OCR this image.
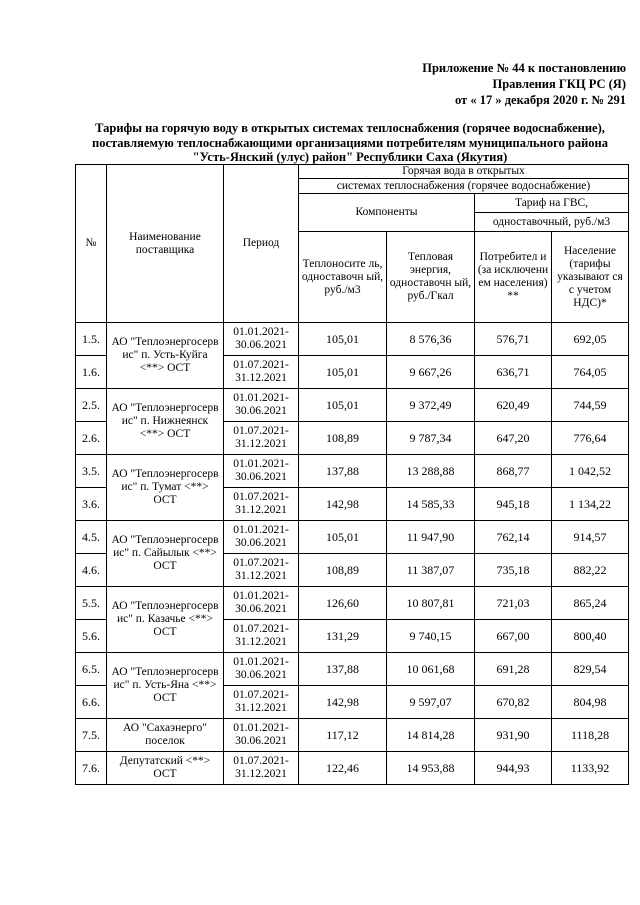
Приложение № 44 к постановлению
Правления ГКЦ РС (Я)
от « 17 » декабря 2020 г. № 291
Тарифы на горячую воду в открытых системах теплоснабжения (горячее водоснабжение),
поставляемую теплоснабжающими организациями потребителям муниципального района
"Усть-Янский (улус) район" Республики Саха (Якутия)
№	Наименование поставщика	Период	Горячая вода в открытых			
			системах теплоснабжения (горячее водоснабжение)			
			Компоненты		Тариф на ГВС,	
					одноставочный, руб./м3	
			Теплоносите ль, одноставочн ый, руб./м3	Тепловая энергия, одноставочн ый, руб./Гкал	Потребител и (за исключени ем населения) **	Население (тарифы указывают ся с учетом НДС)*

1.5.	АО "Теплоэнергосерв ис" п. Усть-Куйга <**> ОСТ	01.01.2021- 30.06.2021	105,01	8 576,36	576,71	692,05
1.6.		01.07.2021- 31.12.2021	105,01	9 667,26	636,71	764,05
2.5.	АО "Теплоэнергосерв ис" п. Нижнеянск <**> ОСТ	01.01.2021- 30.06.2021	105,01	9 372,49	620,49	744,59
2.6.		01.07.2021- 31.12.2021	108,89	9 787,34	647,20	776,64
3.5.	АО "Теплоэнергосерв ис" п. Тумат <**> ОСТ	01.01.2021- 30.06.2021	137,88	13 288,88	868,77	1 042,52
3.6.		01.07.2021- 31.12.2021	142,98	14 585,33	945,18	1 134,22
4.5.	АО "Теплоэнергосерв ис" п. Сайылык <**> ОСТ	01.01.2021- 30.06.2021	105,01	11 947,90	762,14	914,57
4.6.		01.07.2021- 31.12.2021	108,89	11 387,07	735,18	882,22
5.5.	АО "Теплоэнергосерв ис" п. Казачье <**> ОСТ	01.01.2021- 30.06.2021	126,60	10 807,81	721,03	865,24
5.6.		01.07.2021- 31.12.2021	131,29	9 740,15	667,00	800,40
6.5.	АО "Теплоэнергосерв ис" п. Усть-Яна <**> ОСТ	01.01.2021- 30.06.2021	137,88	10 061,68	691,28	829,54
6.6.		01.07.2021- 31.12.2021	142,98	9 597,07	670,82	804,98
7.5.	АО "Сахаэнерго" поселок	01.01.2021- 30.06.2021	117,12	14 814,28	931,90	1118,28
7.6.	Депутатский <**> ОСТ	01.07.2021- 31.12.2021	122,46	14 953,88	944,93	1133,92
